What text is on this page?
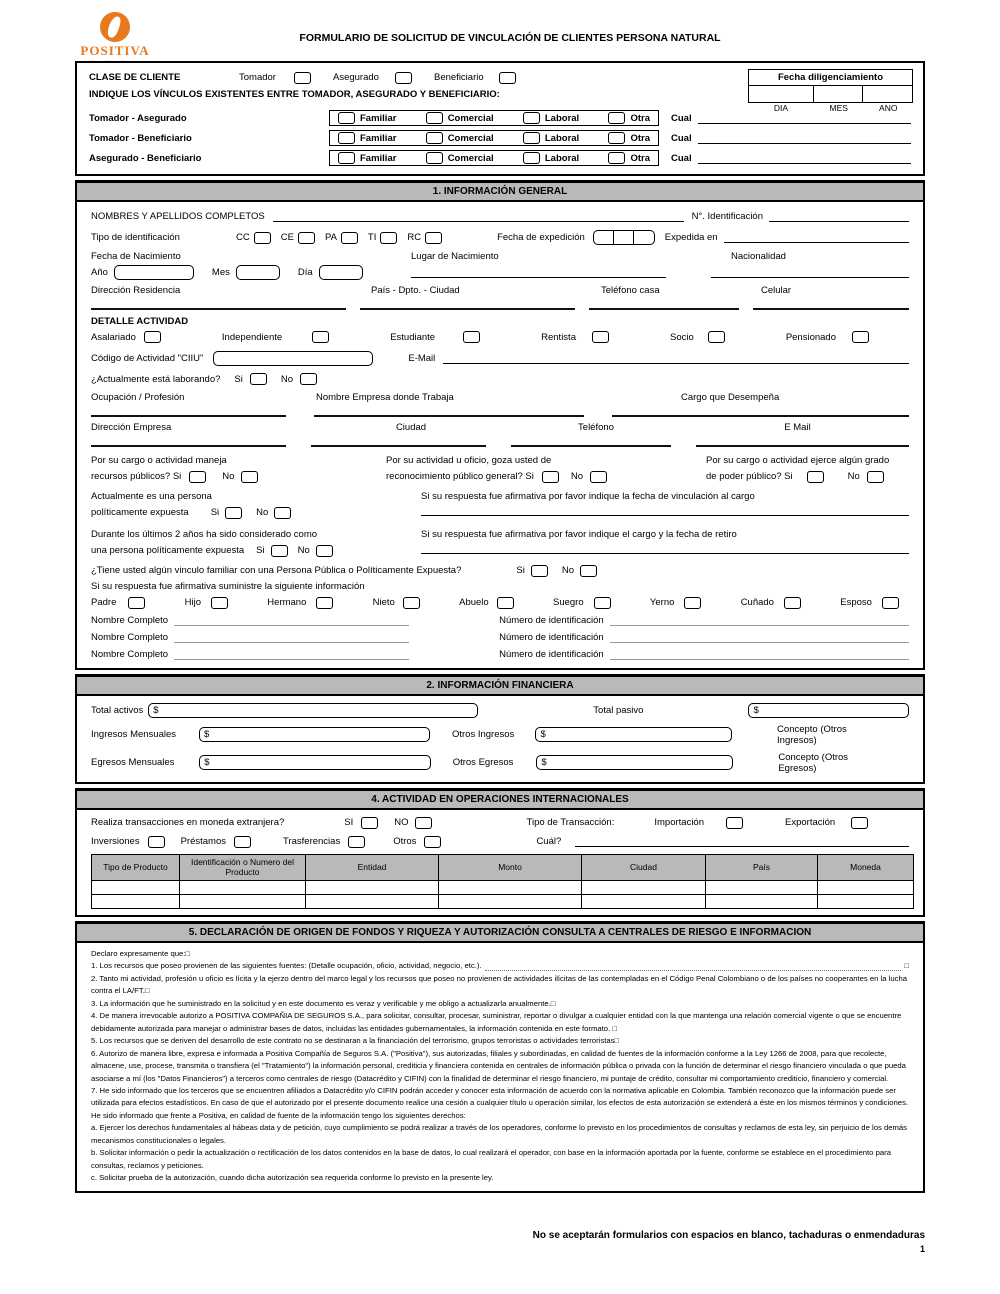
POSITIVA
FORMULARIO DE SOLICITUD DE VINCULACIÓN DE CLIENTES PERSONA NATURAL
Fecha diligenciamiento
DIA	MES	ANO
CLASE DE CLIENTE	Tomador	Asegurado	Beneficiario
INDIQUE LOS VÍNCULOS EXISTENTES ENTRE TOMADOR, ASEGURADO Y BENEFICIARIO:
Tomador - Asegurado	Familiar	Comercial	Laboral	Otra Cual
Tomador - Beneficiario	Familiar	Comercial	Laboral	Otra Cual
Asegurado - Beneficiario	Familiar	Comercial	Laboral	Otra Cual
1. INFORMACIÓN GENERAL
NOMBRES Y APELLIDOS COMPLETOS	N°. Identificación
Tipo de identificación	CC	CE	PA	TI	RC	Fecha de expedición	Expedida en
Fecha de Nacimiento	Lugar de Nacimiento	Nacionalidad
Año	Mes	Día
Dirección Residencia	País - Dpto. - Ciudad	Teléfono casa	Celular
DETALLE ACTIVIDAD
Asalariado	Independiente	Estudiante	Rentista	Socio	Pensionado
Código de Actividad "CIIU"	E-Mail
¿Actualmente está laborando? Si	No
Ocupación / Profesión	Nombre Empresa donde Trabaja	Cargo que Desempeña
Dirección Empresa	Ciudad	Teléfono	E Mail
Por su cargo o actividad maneja
recursos públicos? Si	No
Por su actividad u oficio, goza usted de
reconocimiento público general? Si	No
Por su cargo o actividad ejerce algún grado
de poder público? Si	No
Actualmente es una persona
políticamente expuesta Si	No
Si su respuesta fue afirmativa por favor indique la fecha de vinculación al cargo
Durante los últimos 2 años ha sido considerado como
una persona políticamente expuesta Si	No
Si su respuesta fue afirmativa por favor indique el cargo y la fecha de retiro
¿Tiene usted algún vinculo familiar con una Persona Pública o Políticamente Expuesta?	Si	No
Si su respuesta fue afirmativa suministre la siguiente información
Padre	Hijo	Hermano	Nieto	Abuelo	Suegro	Yerno	Cuñado	Esposo
Nombre Completo	Número de identificación
Nombre Completo	Número de identificación
Nombre Completo	Número de identificación
2. INFORMACIÓN FINANCIERA
Total activos $	Total pasivo	$
Ingresos Mensuales	$	Otros Ingresos	$	Concepto (Otros Ingresos)
Egresos Mensuales	$	Otros Egresos	$	Concepto (Otros Egresos)
4. ACTIVIDAD EN OPERACIONES INTERNACIONALES
Realiza transacciones en moneda extranjera?	SI	NO	Tipo de Transacción:	Importación	Exportación
Inversiones	Préstamos	Trasferencias	Otros	Cuál?
Tipo de Producto	Identificación o Numero del Producto	Entidad	Monto	Ciudad	País	Moneda

5. DECLARACIÓN DE ORIGEN DE FONDOS Y RIQUEZA Y AUTORIZACIÓN CONSULTA A CENTRALES DE RIESGO E INFORMACION
Declaro expresamente que:□
1. Los recursos que poseo provienen de las siguientes fuentes: (Detalle ocupación, oficio, actividad, negocio, etc.).	□
2. Tanto mi actividad, profesión u oficio es lícita y la ejerzo dentro del marco legal y los recursos que poseo no provienen de actividades ilícitas de las contempladas en el Código Penal Colombiano o de los países no cooperantes en la lucha contra el LA/FT.□
3. La información que he suministrado en la solicitud y en este documento es veraz y verificable y me obligo a actualizarla anualmente.□
4. De manera irrevocable autorizo a POSITIVA COMPAÑIA DE SEGUROS S.A., para solicitar, consultar, procesar, suministrar, reportar o divulgar a cualquier entidad con la que mantenga una relación comercial vigente o que se encuentre debidamente autorizada para manejar o administrar bases de datos, incluidas las entidades gubernamentales, la información contenida en este formato. □
5. Los recursos que se deriven del desarrollo de este contrato no se destinaran a la financiación del terrorismo, grupos terroristas o actividades terroristas□
6. Autorizo de manera libre, expresa e informada a Positiva Compañía de Seguros S.A. ("Positiva"), sus autorizadas, filiales y subordinadas, en calidad de fuentes de la información conforme a la Ley 1266 de 2008, para que recolecte, almacene, use, procese, transmita o transfiera (el "Tratamiento") la información personal, crediticia y financiera contenida en centrales de información pública o privada con la función de determinar el riesgo financiero vinculada o que pueda asociarse a mí (los "Datos Financieros") a terceros como centrales de riesgo (Datacrédito y CIFIN) con la finalidad de determinar el riesgo financiero, mi puntaje de crédito, consultar mi comportamiento crediticio, financiero y comercial.
7. He sido informado que los terceros que se encuentren afiliados a Datacrédito y/o CIFIN podrán acceder y conocer esta información de acuerdo con la normativa aplicable en Colombia. También reconozco que la información puede ser utilizada para efectos estadísticos. En caso de que el autorizado por el presente documento realice una cesión a cualquier título u operación similar, los efectos de esta autorización se extenderá a éste en los mismos términos y condiciones. He sido informado que frente a Positiva, en calidad de fuente de la información tengo los siguientes derechos:
a. Ejercer los derechos fundamentales al hábeas data y de petición, cuyo cumplimiento se podrá realizar a través de los operadores, conforme lo previsto en los procedimientos de consultas y reclamos de esta ley, sin perjuicio de los demás mecanismos constitucionales o legales.
b. Solicitar información o pedir la actualización o rectificación de los datos contenidos en la base de datos, lo cual realizará el operador, con base en la información aportada por la fuente, conforme se establece en el procedimiento para consultas, reclamos y peticiones.
c. Solicitar prueba de la autorización, cuando dicha autorización sea requerida conforme lo previsto en la presente ley.
No se aceptarán formularios con espacios en blanco, tachaduras o enmendaduras
1
